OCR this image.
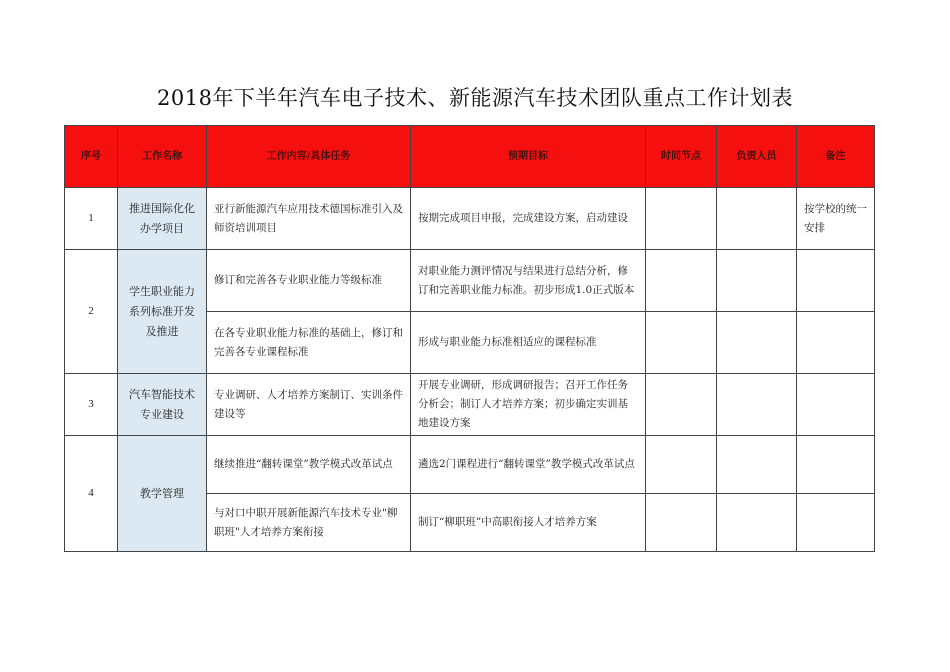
2018年下半年汽车电子技术、新能源汽车技术团队重点工作计划表
序号	工作名称	工作内容/具体任务	预期目标	时间节点	负责人员	备注
1	推进国际化化办学项目	亚行新能源汽车应用技术德国标准引入及师资培训项目	按期完成项目申报，完成建设方案，启动建设			按学校的统一安排
2	学生职业能力系列标准开发及推进	修订和完善各专业职业能力等级标准	对职业能力测评情况与结果进行总结分析，修订和完善职业能力标准。初步形成1.0正式版本			
		在各专业职业能力标准的基础上，修订和完善各专业课程标准	形成与职业能力标准相适应的课程标准			
3	汽车智能技术专业建设	专业调研、人才培养方案制订、实训条件建设等	开展专业调研，形成调研报告；召开工作任务分析会；制订人才培养方案；初步确定实训基地建设方案			
4	教学管理	继续推进“翻转课堂”教学模式改革试点	遴选2门课程进行“翻转课堂”教学模式改革试点			
		与对口中职开展新能源汽车技术专业"柳职班"人才培养方案衔接	制订“柳职班”中高职衔接人才培养方案			
